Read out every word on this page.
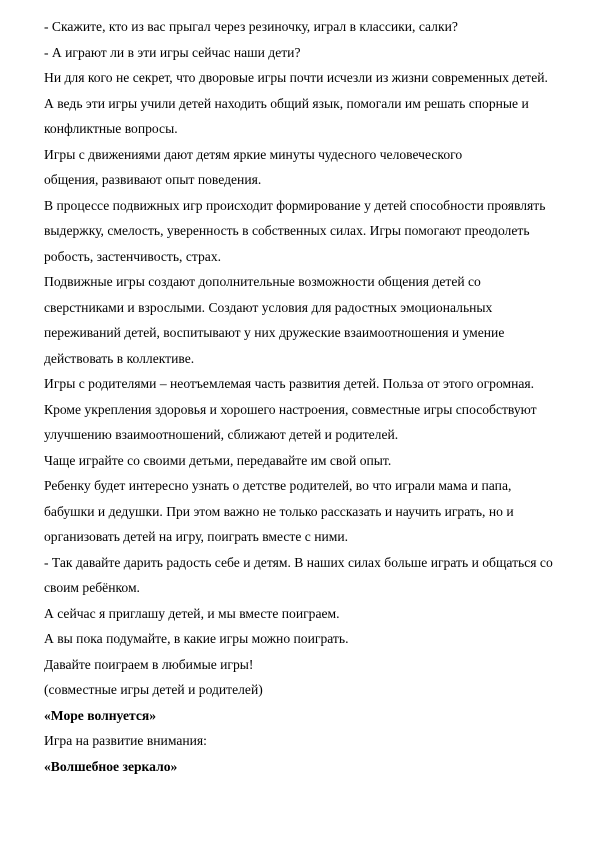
- Скажите, кто из вас прыгал через резиночку, играл в классики, салки?
- А играют ли в эти игры сейчас наши дети?
Ни для кого не секрет, что дворовые игры почти исчезли из жизни современных детей.
А ведь эти игры учили детей находить общий язык, помогали им решать спорные и
конфликтные вопросы.
Игры с движениями дают детям яркие минуты чудесного человеческого
общения, развивают опыт поведения.
В процессе подвижных игр происходит формирование у детей способности проявлять
выдержку, смелость, уверенность в собственных силах. Игры помогают преодолеть
робость, застенчивость, страх.
Подвижные игры создают дополнительные возможности общения детей со
сверстниками и взрослыми. Создают условия для радостных эмоциональных
переживаний детей, воспитывают у них дружеские взаимоотношения и умение
действовать в коллективе.
Игры с родителями – неотъемлемая часть развития детей. Польза от этого огромная.
Кроме укрепления здоровья и хорошего настроения, совместные игры способствуют
улучшению взаимоотношений, сближают детей и родителей.
Чаще играйте со своими детьми, передавайте им свой опыт.
Ребенку будет интересно узнать о детстве родителей, во что играли мама и папа,
бабушки и дедушки. При этом важно не только рассказать и научить играть, но и
организовать детей на игру, поиграть вместе с ними.
- Так давайте дарить радость себе и детям. В наших силах больше играть и общаться со
своим ребёнком.
А сейчас я приглашу детей, и мы вместе поиграем.
А вы пока подумайте, в какие игры можно поиграть.
Давайте поиграем в любимые игры!
(совместные игры детей и родителей)
«Море волнуется»
Игра на развитие внимания:
«Волшебное зеркало»
